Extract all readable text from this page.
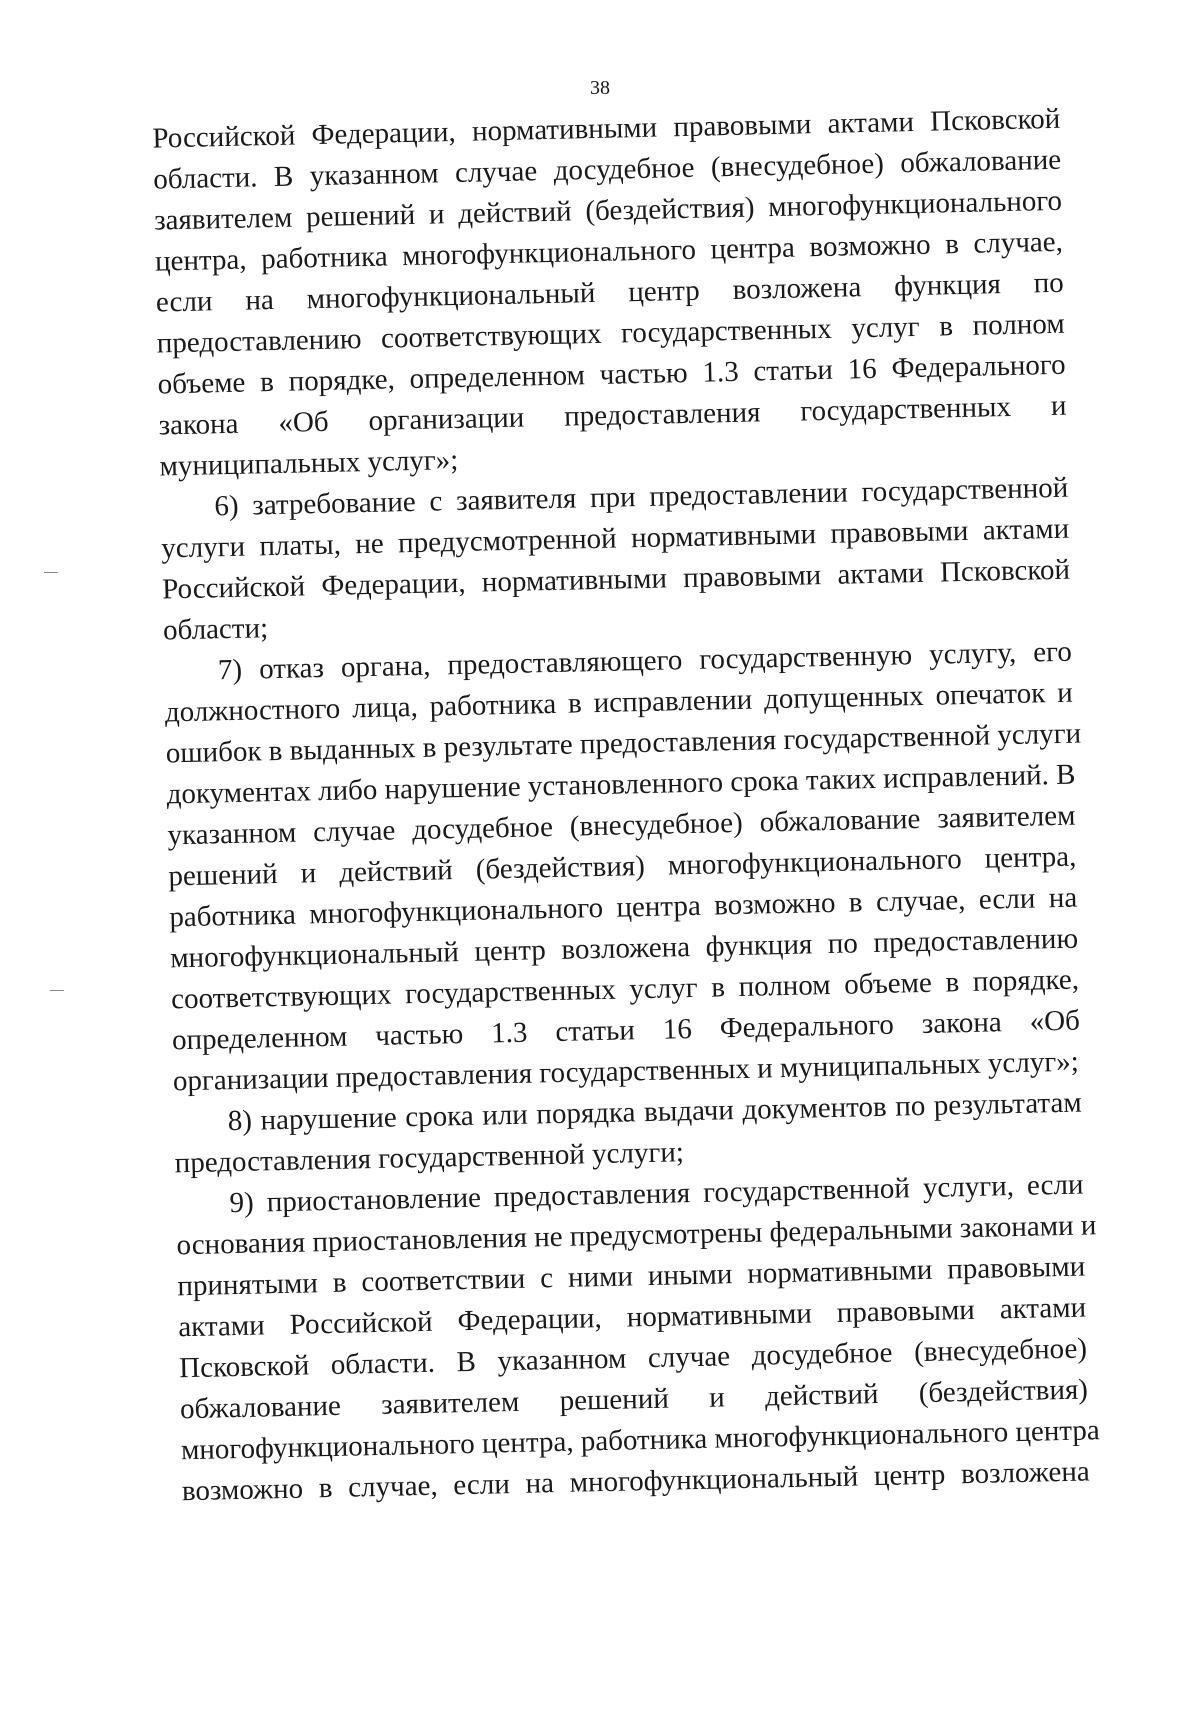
38
Российской Федерации, нормативными правовыми актами Псковской
области. В указанном случае досудебное (внесудебное) обжалование
заявителем решений и действий (бездействия) многофункционального
центра, работника многофункционального центра возможно в случае,
если на многофункциональный центр возложена функция по
предоставлению соответствующих государственных услуг в полном
объеме в порядке, определенном частью 1.3 статьи 16 Федерального
закона «Об организации предоставления государственных и
муниципальных услуг»;
6) затребование с заявителя при предоставлении государственной
услуги платы, не предусмотренной нормативными правовыми актами
Российской Федерации, нормативными правовыми актами Псковской
области;
7) отказ органа, предоставляющего государственную услугу, его
должностного лица, работника в исправлении допущенных опечаток и
ошибок в выданных в результате предоставления государственной услуги
документах либо нарушение установленного срока таких исправлений. В
указанном случае досудебное (внесудебное) обжалование заявителем
решений и действий (бездействия) многофункционального центра,
работника многофункционального центра возможно в случае, если на
многофункциональный центр возложена функция по предоставлению
соответствующих государственных услуг в полном объеме в порядке,
определенном частью 1.3 статьи 16 Федерального закона «Об
организации предоставления государственных и муниципальных услуг»;
8) нарушение срока или порядка выдачи документов по результатам
предоставления государственной услуги;
9) приостановление предоставления государственной услуги, если
основания приостановления не предусмотрены федеральными законами и
принятыми в соответствии с ними иными нормативными правовыми
актами Российской Федерации, нормативными правовыми актами
Псковской области. В указанном случае досудебное (внесудебное)
обжалование заявителем решений и действий (бездействия)
многофункционального центра, работника многофункционального центра
возможно в случае, если на многофункциональный центр возложена
